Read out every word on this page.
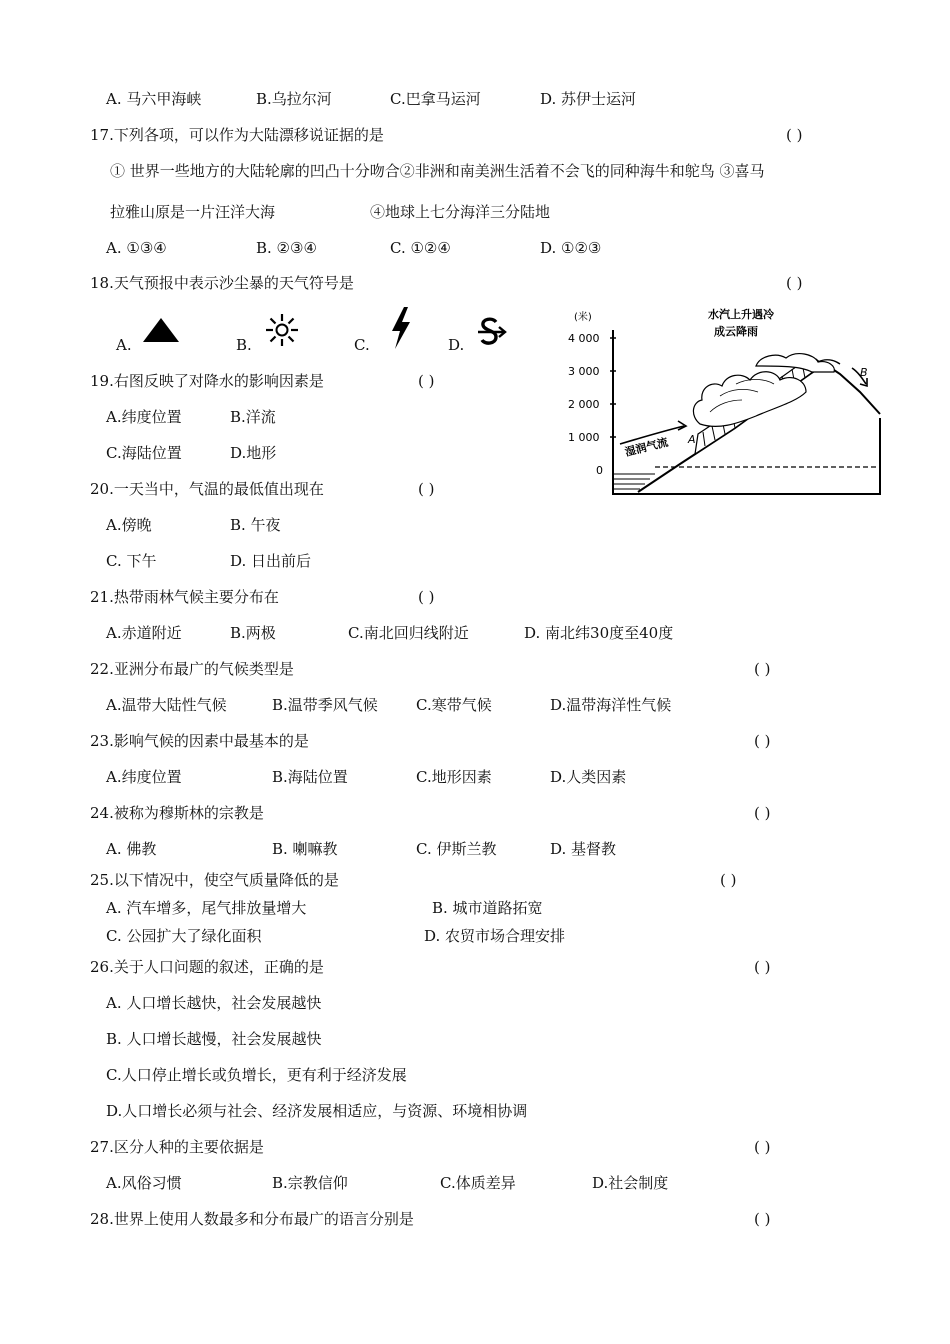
A. 马六甲海峡	B.乌拉尔河	C.巴拿马运河	D. 苏伊士运河
17.下列各项，可以作为大陆漂移说证据的是	( )
① 世界一些地方的大陆轮廓的凹凸十分吻合②非洲和南美洲生活着不会飞的同种海牛和鸵鸟 ③喜马
拉雅山原是一片汪洋大海	④地球上七分海洋三分陆地
A. ①③④	B. ②③④	C. ①②④	D. ①②③
18.天气预报中表示沙尘暴的天气符号是	( )
A.	B.	C.	D.
19.右图反映了对降水的影响因素是	( )
A.纬度位置	B.洋流
C.海陆位置	D.地形
(米)
4 000
3 000
2 000
1 000
0
水汽上升遇冷
成云降雨
湿润气流 A
B
20.一天当中，气温的最低值出现在	( )
A.傍晚	B. 午夜
C. 下午	D. 日出前后
21.热带雨林气候主要分布在	( )
A.赤道附近	B.两极	C.南北回归线附近	D. 南北纬30度至40度
22.亚洲分布最广的气候类型是	( )
A.温带大陆性气候	B.温带季风气候	C.寒带气候	D.温带海洋性气候
23.影响气候的因素中最基本的是	( )
A.纬度位置	B.海陆位置	C.地形因素	D.人类因素
24.被称为穆斯林的宗教是	( )
A. 佛教	B. 喇嘛教	C. 伊斯兰教	D. 基督教
25.以下情况中，使空气质量降低的是	( )
A. 汽车增多，尾气排放量增大	B. 城市道路拓宽
C. 公园扩大了绿化面积	D. 农贸市场合理安排
26.关于人口问题的叙述，正确的是	( )
A. 人口增长越快，社会发展越快
B. 人口增长越慢，社会发展越快
C.人口停止增长或负增长，更有利于经济发展
D.人口增长必须与社会、经济发展相适应，与资源、环境相协调
27.区分人种的主要依据是	( )
A.风俗习惯	B.宗教信仰	C.体质差异	D.社会制度
28.世界上使用人数最多和分布最广的语言分别是	( )
